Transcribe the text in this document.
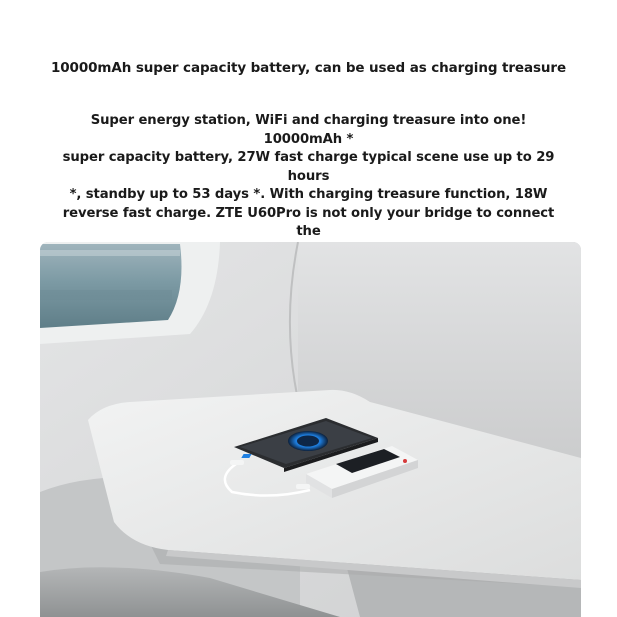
10000mAh super capacity battery, can be used as charging treasure
Super energy station, WiFi and charging treasure into one! 10000mAh *
super capacity battery, 27W fast charge typical scene use up to 29 hours
*, standby up to 53 days *. With charging treasure function, 18W
reverse fast charge. ZTE U60Pro is not only your bridge to connect the
